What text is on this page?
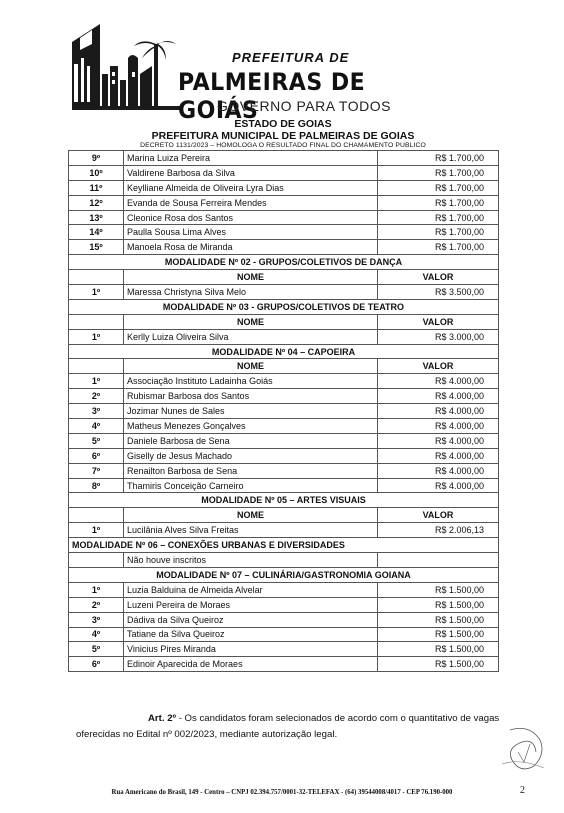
PREFEITURA DE
PALMEIRAS DE GOIÁS
GOVERNO PARA TODOS
ESTADO DE GOIAS
PREFEITURA MUNICIPAL DE PALMEIRAS DE GOIAS
DECRETO 1131/2023 – HOMOLOGA O RESULTADO FINAL DO CHAMAMENTO PUBLICO
9º	Marina Luiza Pereira	R$ 1.700,00
10º	Valdirene Barbosa da Silva	R$ 1.700,00
11º	Keylliane Almeida de Oliveira Lyra Dias	R$ 1.700,00
12º	Evanda de Sousa Ferreira Mendes	R$ 1.700,00
13º	Cleonice Rosa dos Santos	R$ 1.700,00
14º	Paulla Sousa Lima Alves	R$ 1.700,00
15º	Manoela Rosa de Miranda	R$ 1.700,00
MODALIDADE Nº 02 - GRUPOS/COLETIVOS DE DANÇA		
	NOME	VALOR
1º	Maressa Christyna Silva Melo	R$ 3.500,00
MODALIDADE Nº 03 - GRUPOS/COLETIVOS DE TEATRO		
	NOME	VALOR
1º	Kerlly Luiza Oliveira Silva	R$ 3.000,00
MODALIDADE Nº 04 – CAPOEIRA		
	NOME	VALOR
1º	Associação Instituto Ladainha Goiás	R$ 4.000,00
2º	Rubismar Barbosa dos Santos	R$ 4.000,00
3º	Jozimar Nunes de Sales	R$ 4.000,00
4º	Matheus Menezes Gonçalves	R$ 4.000,00
5º	Daniele Barbosa de Sena	R$ 4.000,00
6º	Giselly de Jesus Machado	R$ 4.000,00
7º	Renailton Barbosa de Sena	R$ 4.000,00
8º	Thamiris Conceição Carneiro	R$ 4.000,00
MODALIDADE Nº 05 – ARTES VISUAIS		
	NOME	VALOR
1º	Lucilânia Alves Silva Freitas	R$ 2.006,13
MODALIDADE Nº 06 – CONEXÕES URBANAS E DIVERSIDADES		
	Não houve inscritos	
MODALIDADE Nº 07 – CULINÁRIA/GASTRONOMIA GOIANA		
1º	Luzia Balduina de Almeida Alvelar	R$ 1.500,00
2º	Luzeni Pereira de Moraes	R$ 1.500,00
3º	Dádiva da Silva Queiroz	R$ 1.500,00
4º	Tatiane da Silva Queiroz	R$ 1.500,00
5º	Vinicius Pires Miranda	R$ 1.500,00
6º	Edinoir Aparecida de Moraes	R$ 1.500,00
Art. 2º - Os candidatos foram selecionados de acordo com o quantitativo de vagas oferecidas no Edital nº 002/2023, mediante autorização legal.
Rua Americano do Brasil, 149 - Centro – CNPJ 02.394.757/0001-32-TELEFAX - (64) 39544008/4017 - CEP 76.190-000	2
